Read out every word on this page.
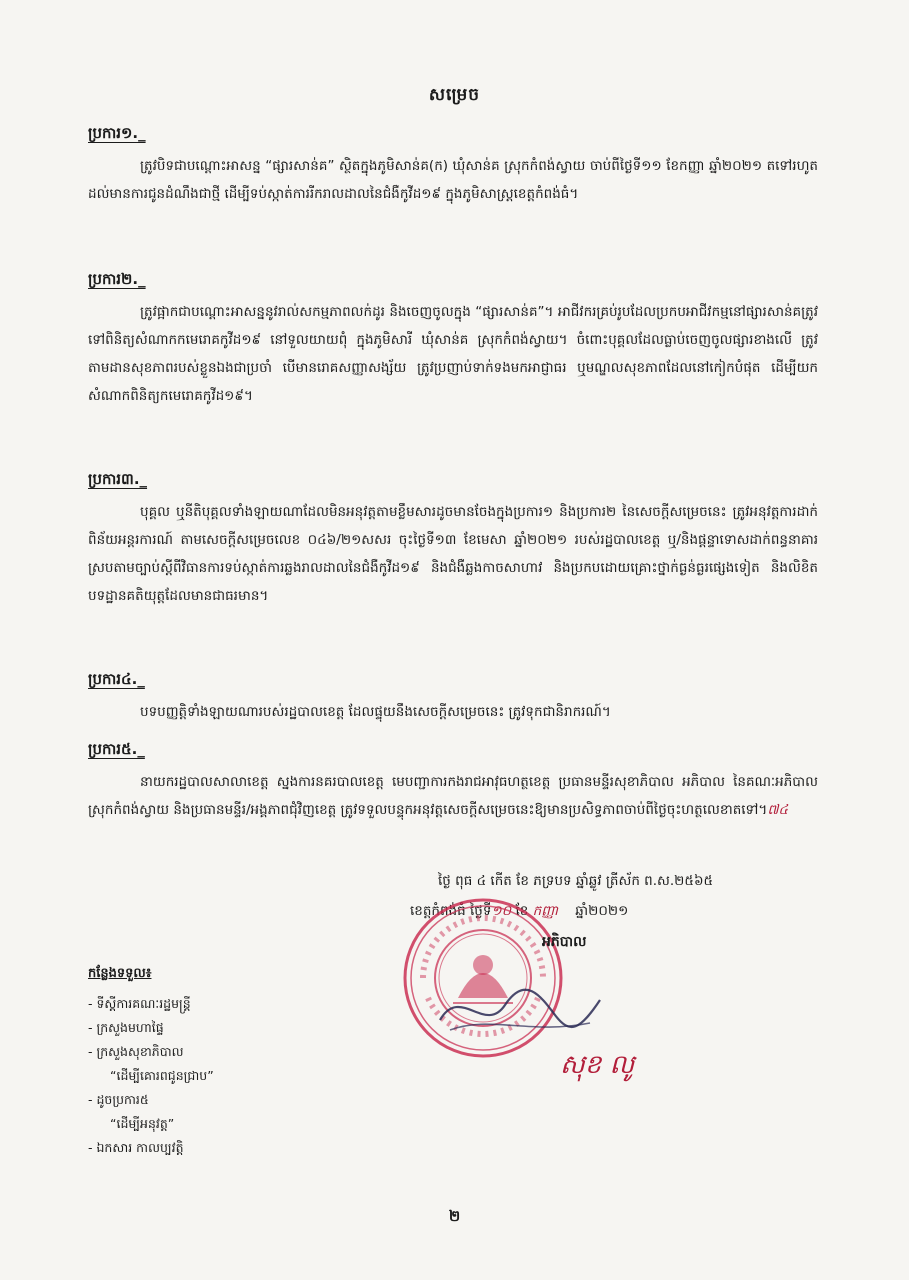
សម្រេច
ប្រការ១._
ត្រូវបិទជាបណ្ដោះអាសន្ន “ផ្សារសាន់គ” ស្ថិតក្នុងភូមិសាន់គ(ក) ឃុំសាន់គ ស្រុកកំពង់ស្វាយ ចាប់ពីថ្ងៃទី១១ ខែកញ្ញា ឆ្នាំ២០២១ តទៅរហូតដល់មានការជូនដំណឹងជាថ្មី ដើម្បីទប់ស្កាត់ការរីករាលដាលនៃជំងឺកូវីដ១៩ ក្នុងភូមិសាស្ត្រខេត្តកំពង់ធំ។
ប្រការ២._
ត្រូវផ្អាកជាបណ្ដោះអាសន្ននូវរាល់សកម្មភាពលក់ដូរ និងចេញចូលក្នុង “ផ្សារសាន់គ”។ អាជីវករគ្រប់រូបដែលប្រកបអាជីវកម្មនៅផ្សារសាន់គត្រូវទៅពិនិត្យសំណាកកមេរោគកូវីដ១៩ នៅទួលយាយពុំ ក្នុងភូមិសារី ឃុំសាន់គ ស្រុកកំពង់ស្វាយ។ ចំពោះបុគ្គលដែលធ្លាប់ចេញចូលផ្សារខាងលើ ត្រូវតាមដានសុខភាពរបស់ខ្លួនឯងជាប្រចាំ បើមានរោគសញ្ញាសង្ស័យ ត្រូវប្រញាប់ទាក់ទងមកអាជ្ញាធរ ឬមណ្ឌលសុខភាពដែលនៅកៀកបំផុត ដើម្បីយកសំណាកពិនិត្យកមេរោគកូវីដ១៩។
ប្រការ៣._
បុគ្គល ឬនីតិបុគ្គលទាំងឡាយណាដែលមិនអនុវត្តតាមខ្លឹមសារដូចមានចែងក្នុងប្រការ១ និងប្រការ២ នៃសេចក្ដីសម្រេចនេះ ត្រូវអនុវត្តការដាក់ពិន័យអន្តរការណ៍ តាមសេចក្ដីសម្រេចលេខ ០៤៦/២១សសរ ចុះថ្ងៃទី១៣ ខែមេសា ឆ្នាំ២០២១ របស់រដ្ឋបាលខេត្ត ឬ/និងផ្តន្ទាទោសដាក់ពន្ធនាគារស្របតាមច្បាប់ស្ដីពីវិធានការទប់ស្កាត់ការឆ្លងរាលដាលនៃជំងឺកូវីដ១៩ និងជំងឺឆ្លងកាចសាហាវ និងប្រកបដោយគ្រោះថ្នាក់ធ្ងន់ធ្ងរផ្សេងទៀត និងលិខិតបទដ្ឋានគតិយុត្តដែលមានជាធរមាន។
ប្រការ៤._
បទបញ្ញត្តិទាំងឡាយណារបស់រដ្ឋបាលខេត្ត ដែលផ្ទុយនឹងសេចក្តីសម្រេចនេះ ត្រូវទុកជានិរាករណ៍។
ប្រការ៥._
នាយករដ្ឋបាលសាលាខេត្ត ស្នងការនគរបាលខេត្ត មេបញ្ជាការកងរាជអាវុធហត្ថខេត្ត ប្រធានមន្ទីរសុខាភិបាល អភិបាល នៃគណៈអភិបាលស្រុកកំពង់ស្វាយ និងប្រធានមន្ទីរ/អង្គភាពជុំវិញខេត្ត ត្រូវទទួលបន្ទុកអនុវត្តសេចក្តីសម្រេចនេះឱ្យមានប្រសិទ្ធភាពចាប់ពីថ្ងៃចុះហត្ថលេខាតទៅ។៧៤
ថ្ងៃ ពុធ ៤ កើត ខែ ភទ្របទ ឆ្នាំឆ្លូវ ត្រីស័ក ព.ស.២៥៦៥
ខេត្តកំពង់ធំ ថ្ងៃទី១០ ខែ កញ្ញា ឆ្នាំ២០២១
អភិបាល
សុខ លូ
កន្លែងទទួល៖
- ទីស្ដីការគណៈរដ្ឋមន្ត្រី
- ក្រសួងមហាផ្ទៃ
- ក្រសួងសុខាភិបាល
“ដើម្បីគោរពជូនជ្រាប”
- ដូចប្រការ៥
“ដើម្បីអនុវត្ត”
- ឯកសារ កាលប្បវត្តិ
២
